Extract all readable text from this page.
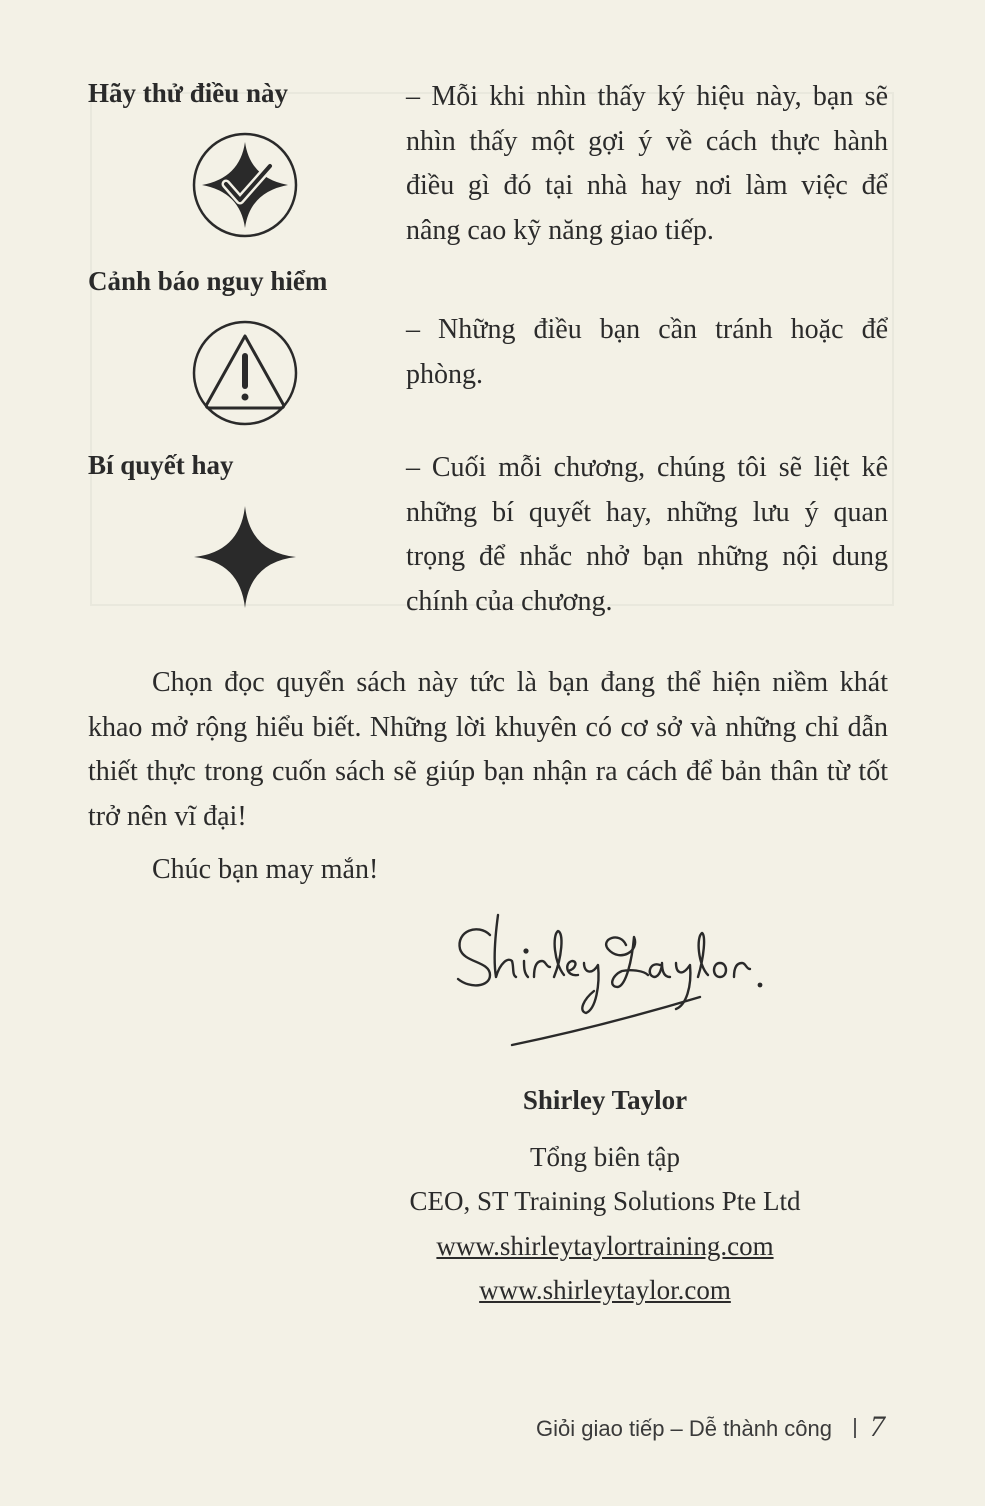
Hãy thử điều này	– Mỗi khi nhìn thấy ký hiệu này, bạn sẽ nhìn thấy một gợi ý về cách thực hành điều gì đó tại nhà hay nơi làm việc để nâng cao kỹ năng giao tiếp.
Cảnh báo nguy hiểm
– Những điều bạn cần tránh hoặc để phòng.
Bí quyết hay	– Cuối mỗi chương, chúng tôi sẽ liệt kê những bí quyết hay, những lưu ý quan trọng để nhắc nhở bạn những nội dung chính của chương.
Chọn đọc quyển sách này tức là bạn đang thể hiện niềm khát khao mở rộng hiểu biết. Những lời khuyên có cơ sở và những chỉ dẫn thiết thực trong cuốn sách sẽ giúp bạn nhận ra cách để bản thân từ tốt trở nên vĩ đại!
Chúc bạn may mắn!
Shirley Taylor
Tổng biên tập
CEO, ST Training Solutions Pte Ltd
www.shirleytaylortraining.com
www.shirleytaylor.com
Giỏi giao tiếp – Dễ thành công 7
